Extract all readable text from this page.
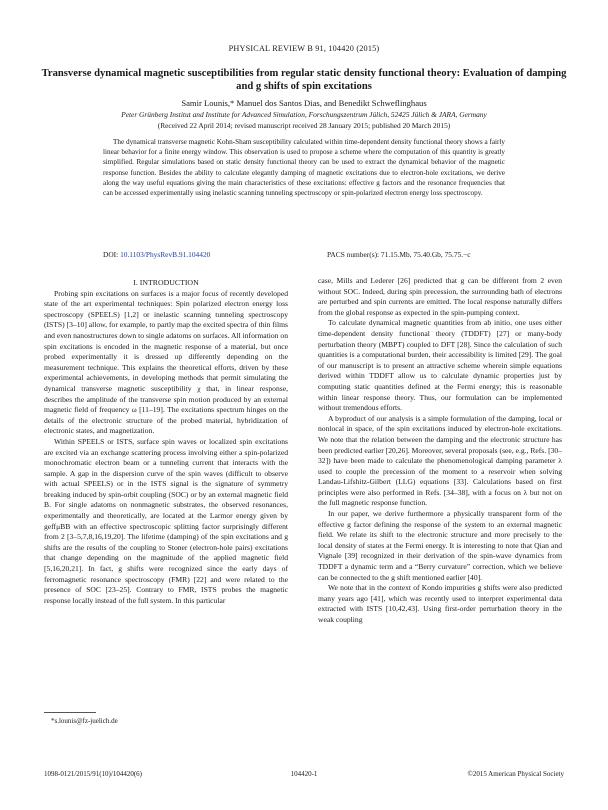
PHYSICAL REVIEW B 91, 104420 (2015)
Transverse dynamical magnetic susceptibilities from regular static density functional theory: Evaluation of damping and g shifts of spin excitations
Samir Lounis,* Manuel dos Santos Dias, and Benedikt Schweflinghaus
Peter Grünberg Institut and Institute for Advanced Simulation, Forschungszentrum Jülich, 52425 Jülich & JARA, Germany
(Received 22 April 2014; revised manuscript received 28 January 2015; published 20 March 2015)
The dynamical transverse magnetic Kohn-Sham susceptibility calculated within time-dependent density functional theory shows a fairly linear behavior for a finite energy window. This observation is used to propose a scheme where the computation of this quantity is greatly simplified. Regular simulations based on static density functional theory can be used to extract the dynamical behavior of the magnetic response function. Besides the ability to calculate elegantly damping of magnetic excitations due to electron-hole excitations, we derive along the way useful equations giving the main characteristics of these excitations: effective g factors and the resonance frequencies that can be accessed experimentally using inelastic scanning tunneling spectroscopy or spin-polarized electron energy loss spectroscopy.
DOI: 10.1103/PhysRevB.91.104420	PACS number(s): 71.15.Mb, 75.40.Gb, 75.75.−c

I. INTRODUCTION

Probing spin excitations on surfaces is a major focus of recently developed state of the art experimental techniques: Spin polarized electron energy loss spectroscopy (SPEELS) [1,2] or inelastic scanning tunneling spectroscopy (ISTS) [3–10] allow, for example, to partly map the excited spectra of thin films and even nanostructures down to single adatoms on surfaces. All information on spin excitations is encoded in the magnetic response of a material, but once probed experimentally it is dressed up differently depending on the measurement technique. This explains the theoretical efforts, driven by these experimental achievements, in developing methods that permit simulating the dynamical transverse magnetic susceptibility χ that, in linear response, describes the amplitude of the transverse spin motion produced by an external magnetic field of frequency ω [11–19]. The excitations spectrum hinges on the details of the electronic structure of the probed material, hybridization of electronic states, and magnetization.

Within SPEELS or ISTS, surface spin waves or localized spin excitations are excited via an exchange scattering process involving either a spin-polarized monochromatic electron beam or a tunneling current that interacts with the sample. A gap in the dispersion curve of the spin waves (difficult to observe with actual SPEELS) or in the ISTS signal is the signature of symmetry breaking induced by spin-orbit coupling (SOC) or by an external magnetic field B. For single adatoms on nonmagnetic substrates, the observed resonances, experimentally and theoretically, are located at the Larmor energy given by geffμBB with an effective spectroscopic splitting factor surprisingly different from 2 [3–5,7,8,16,19,20]. The lifetime (damping) of the spin excitations and g shifts are the results of the coupling to Stoner (electron-hole pairs) excitations that change depending on the magnitude of the applied magnetic field [5,16,20,21]. In fact, g shifts were recognized since the early days of ferromagnetic resonance spectroscopy (FMR) [22] and were related to the presence of SOC [23–25]. Contrary to FMR, ISTS probes the magnetic response locally instead of the full system. In this particular

case, Mills and Lederer [26] predicted that g can be different from 2 even without SOC. Indeed, during spin precession, the surrounding bath of electrons are perturbed and spin currents are emitted. The local response naturally differs from the global response as expected in the spin-pumping context.

To calculate dynamical magnetic quantities from ab initio, one uses either time-dependent density functional theory (TDDFT) [27] or many-body perturbation theory (MBPT) coupled to DFT [28]. Since the calculation of such quantities is a computational burden, their accessibility is limited [29]. The goal of our manuscript is to present an attractive scheme wherein simple equations derived within TDDFT allow us to calculate dynamic properties just by computing static quantities defined at the Fermi energy; this is reasonable within linear response theory. Thus, our formulation can be implemented without tremendous efforts.

A byproduct of our analysis is a simple formulation of the damping, local or nonlocal in space, of the spin excitations induced by electron-hole excitations. We note that the relation between the damping and the electronic structure has been predicted earlier [20,26]. Moreover, several proposals (see, e.g., Refs. [30–32]) have been made to calculate the phenomenological damping parameter λ used to couple the precession of the moment to a reservoir when solving Landau-Lifshitz-Gilbert (LLG) equations [33]. Calculations based on first principles were also performed in Refs. [34–38], with a focus on λ but not on the full magnetic response function.

In our paper, we derive furthermore a physically transparent form of the effective g factor defining the response of the system to an external magnetic field. We relate its shift to the electronic structure and more precisely to the local density of states at the Fermi energy. It is interesting to note that Qian and Vignale [39] recognized in their derivation of the spin-wave dynamics from TDDFT a dynamic term and a “Berry curvature” correction, which we believe can be connected to the g shift mentioned earlier [40].

We note that in the context of Kondo impurities g shifts were also predicted many years ago [41], which was recently used to interpret experimental data extracted with ISTS [10,42,43]. Using first-order perturbation theory in the weak coupling

*s.lounis@fz-juelich.de
1098-0121/2015/91(10)/104420(6)	104420-1	©2015 American Physical Society
